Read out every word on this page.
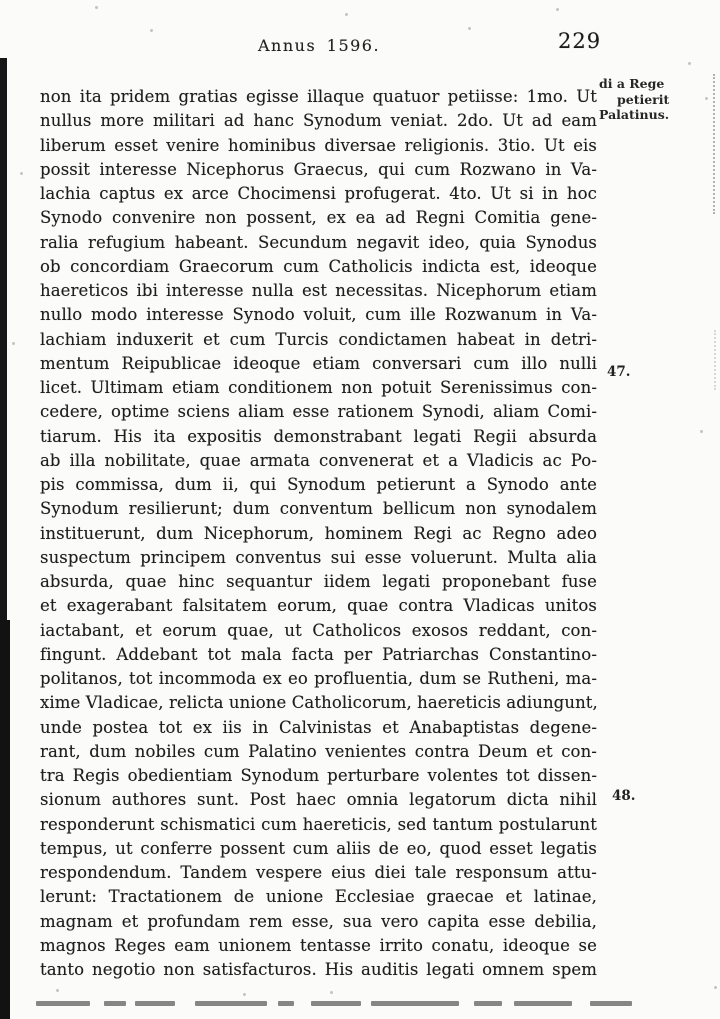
Annus 1596.	229
non ita pridem gratias egisse illaque quatuor petiisse: 1mo. Ut
nullus more militari ad hanc Synodum veniat. 2do. Ut ad eam
liberum esset venire hominibus diversae religionis. 3tio. Ut eis
possit interesse Nicephorus Graecus, qui cum Rozwano in Va-
lachia captus ex arce Chocimensi profugerat. 4to. Ut si in hoc
Synodo convenire non possent, ex ea ad Regni Comitia gene-
ralia refugium habeant. Secundum negavit ideo, quia Synodus
ob concordiam Graecorum cum Catholicis indicta est, ideoque
haereticos ibi interesse nulla est necessitas. Nicephorum etiam
nullo modo interesse Synodo voluit, cum ille Rozwanum in Va-
lachiam induxerit et cum Turcis condictamen habeat in detri-
mentum Reipublicae ideoque etiam conversari cum illo nulli
licet. Ultimam etiam conditionem non potuit Serenissimus con-
cedere, optime sciens aliam esse rationem Synodi, aliam Comi-
tiarum. His ita expositis demonstrabant legati Regii absurda
ab illa nobilitate, quae armata convenerat et a Vladicis ac Po-
pis commissa, dum ii, qui Synodum petierunt a Synodo ante
Synodum resilierunt; dum conventum bellicum non synodalem
instituerunt, dum Nicephorum, hominem Regi ac Regno adeo
suspectum principem conventus sui esse voluerunt. Multa alia
absurda, quae hinc sequantur iidem legati proponebant fuse
et exagerabant falsitatem eorum, quae contra Vladicas unitos
iactabant, et eorum quae, ut Catholicos exosos reddant, con-
fingunt. Addebant tot mala facta per Patriarchas Constantino-
politanos, tot incommoda ex eo profluentia, dum se Rutheni, ma-
xime Vladicae, relicta unione Catholicorum, haereticis adiungunt,
unde postea tot ex iis in Calvinistas et Anabaptistas degene-
rant, dum nobiles cum Palatino venientes contra Deum et con-
tra Regis obedientiam Synodum perturbare volentes tot dissen-
sionum authores sunt. Post haec omnia legatorum dicta nihil
responderunt schismatici cum haereticis, sed tantum postularunt
tempus, ut conferre possent cum aliis de eo, quod esset legatis
respondendum. Tandem vespere eius diei tale responsum attu-
lerunt: Tractationem de unione Ecclesiae graecae et latinae,
magnam et profundam rem esse, sua vero capita esse debilia,
magnos Reges eam unionem tentasse irrito conatu, ideoque se
tanto negotio non satisfacturos. His auditis legati omnem spem
di a Rege
petierit
Palatinus.
47.
48.
